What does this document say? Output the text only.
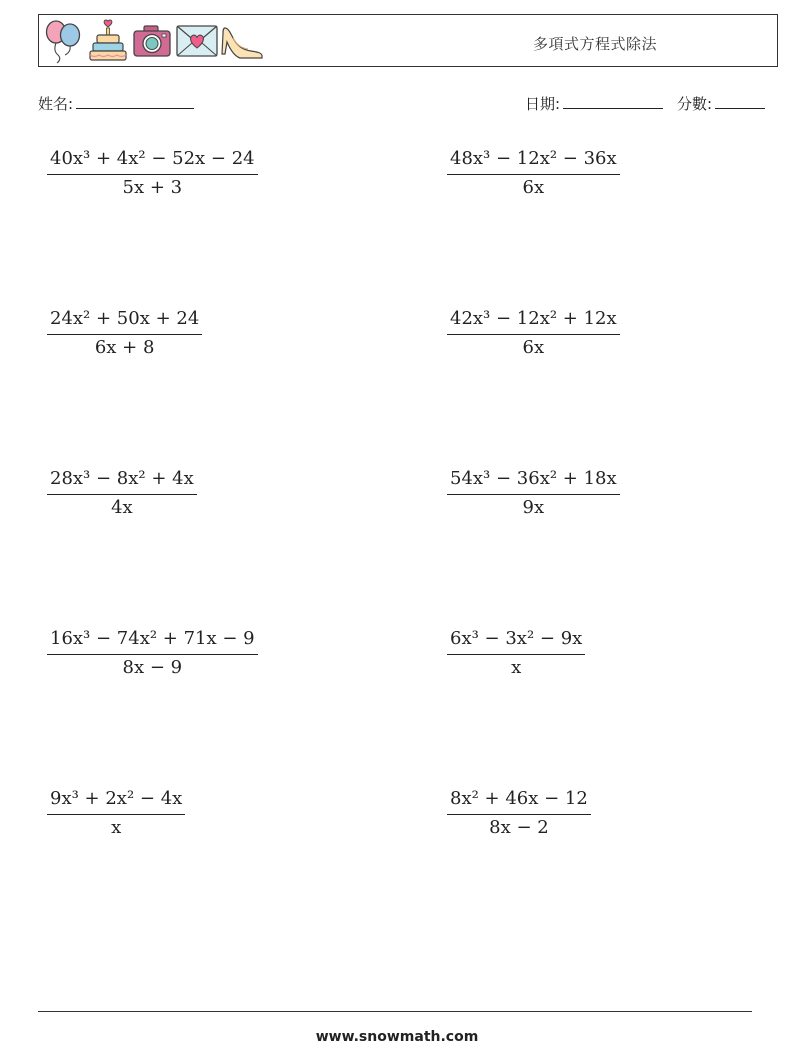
多項式方程式除法
姓名:	日期:	分數:
40x³ + 4x² − 52x − 24
5x + 3
24x² + 50x + 24
6x + 8
28x³ − 8x² + 4x
4x
16x³ − 74x² + 71x − 9
8x − 9
9x³ + 2x² − 4x
x
48x³ − 12x² − 36x
6x
42x³ − 12x² + 12x
6x
54x³ − 36x² + 18x
9x
6x³ − 3x² − 9x
x
8x² + 46x − 12
8x − 2
www.snowmath.com
